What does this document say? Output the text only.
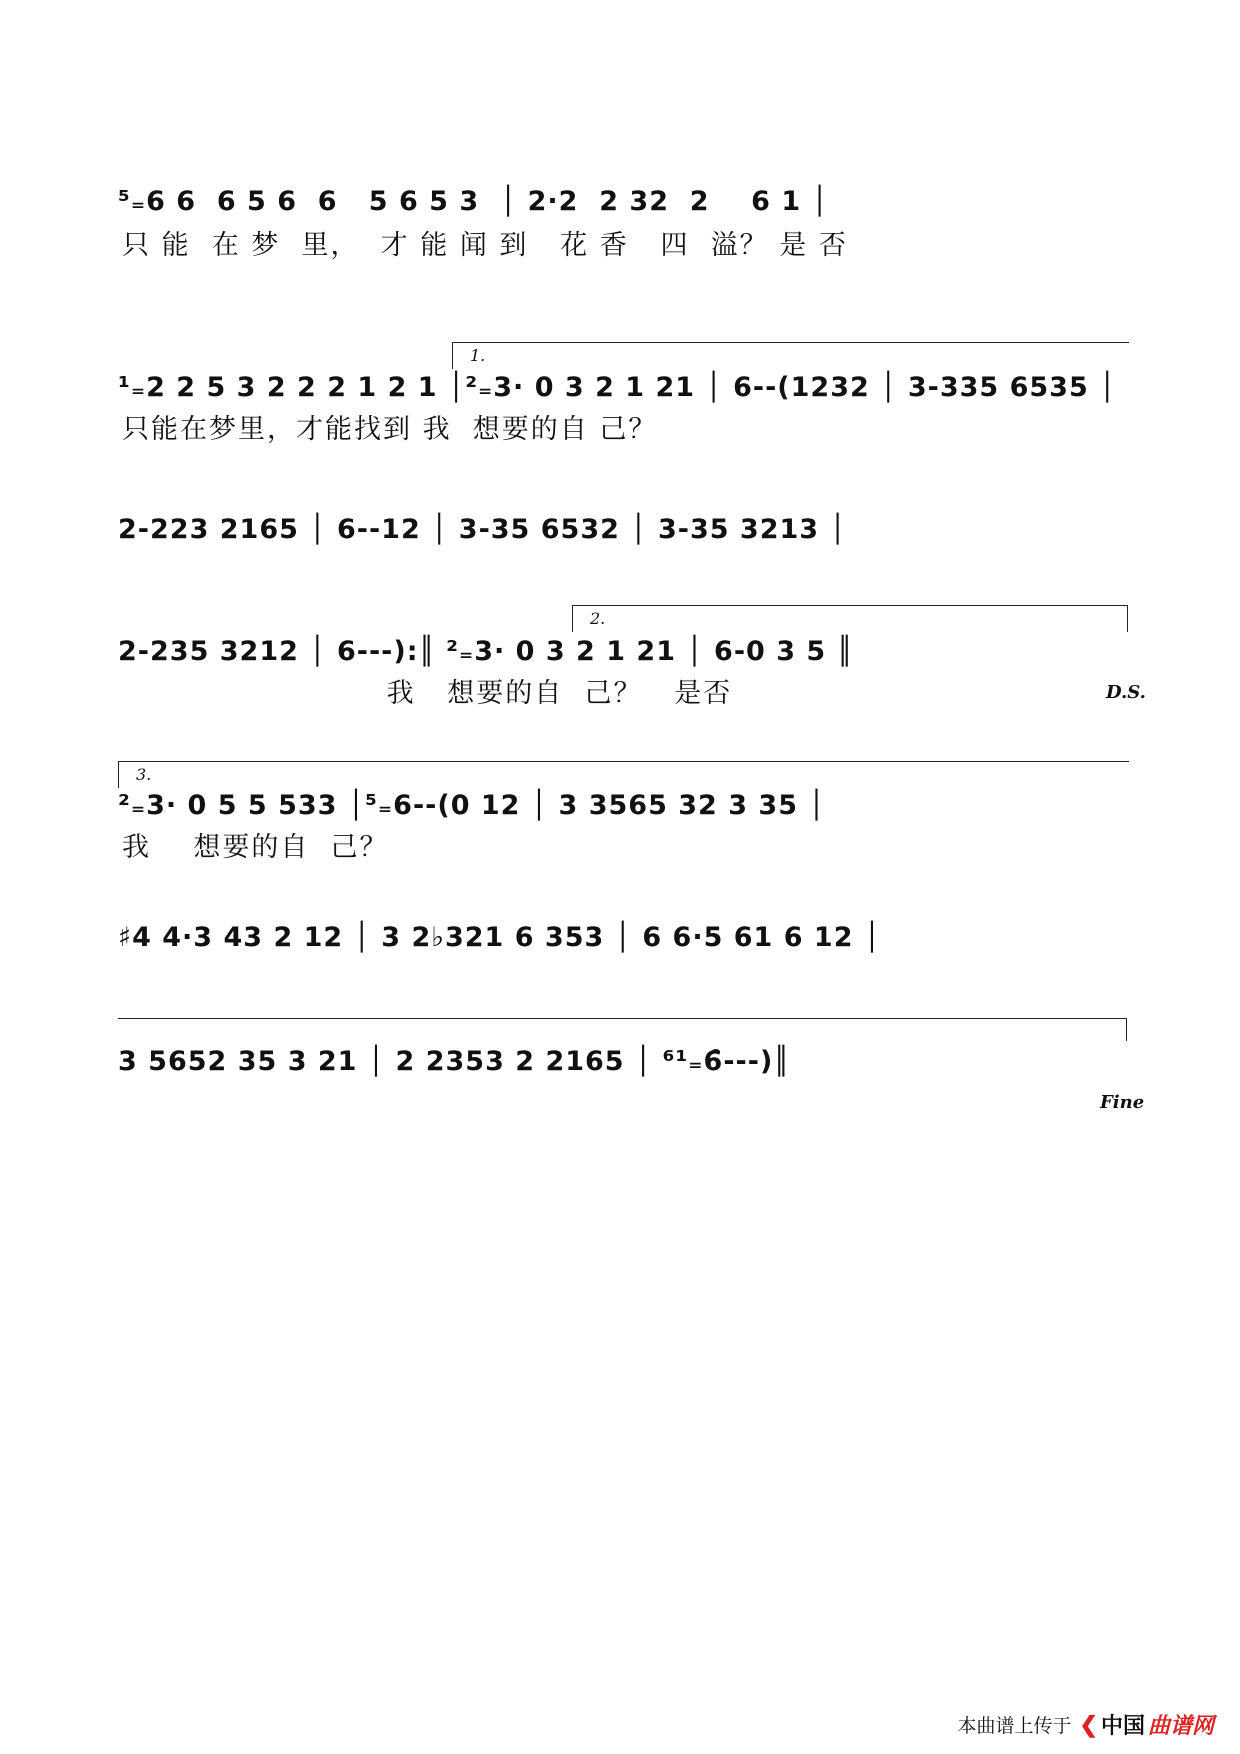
⁵₌6 6  6 5 6  6   5 6 5 3  │ 2·2  2 32  2    6 1 │
只 能  在 梦  里，  才 能 闻 到   花 香   四  溢？ 是 否
1.
¹₌2 2 5 3 2 2 2 1 2 1 │²₌3· 0 3 2 1 21 │ 6--(1232 │ 3-335 6535 │
只能在梦里，才能找到 我  想要的自 己？
2-223 2165 │ 6--12 │ 3-35 6532 │ 3-35 3213 │
2.
2-235 3212 │ 6---):║ ²₌3· 0 3 2 1 21 │ 6-0 3 5 ║
我   想要的自  己？   是否	D.S.
3.
²₌3· 0 5 5 533 │⁵₌6--(0 12 │ 3 3565 32 3 35 │
我    想要的自  己？
♯4 4·3 43 2 12 │ 3 2♭321 6 353 │ 6 6·5 61 6 12 │
3 5652 35 3 21 │ 2 2353 2 2165 │ ⁶¹₌6̑---)║
Fine
本曲谱上传于 ❮ 中国 曲谱网
